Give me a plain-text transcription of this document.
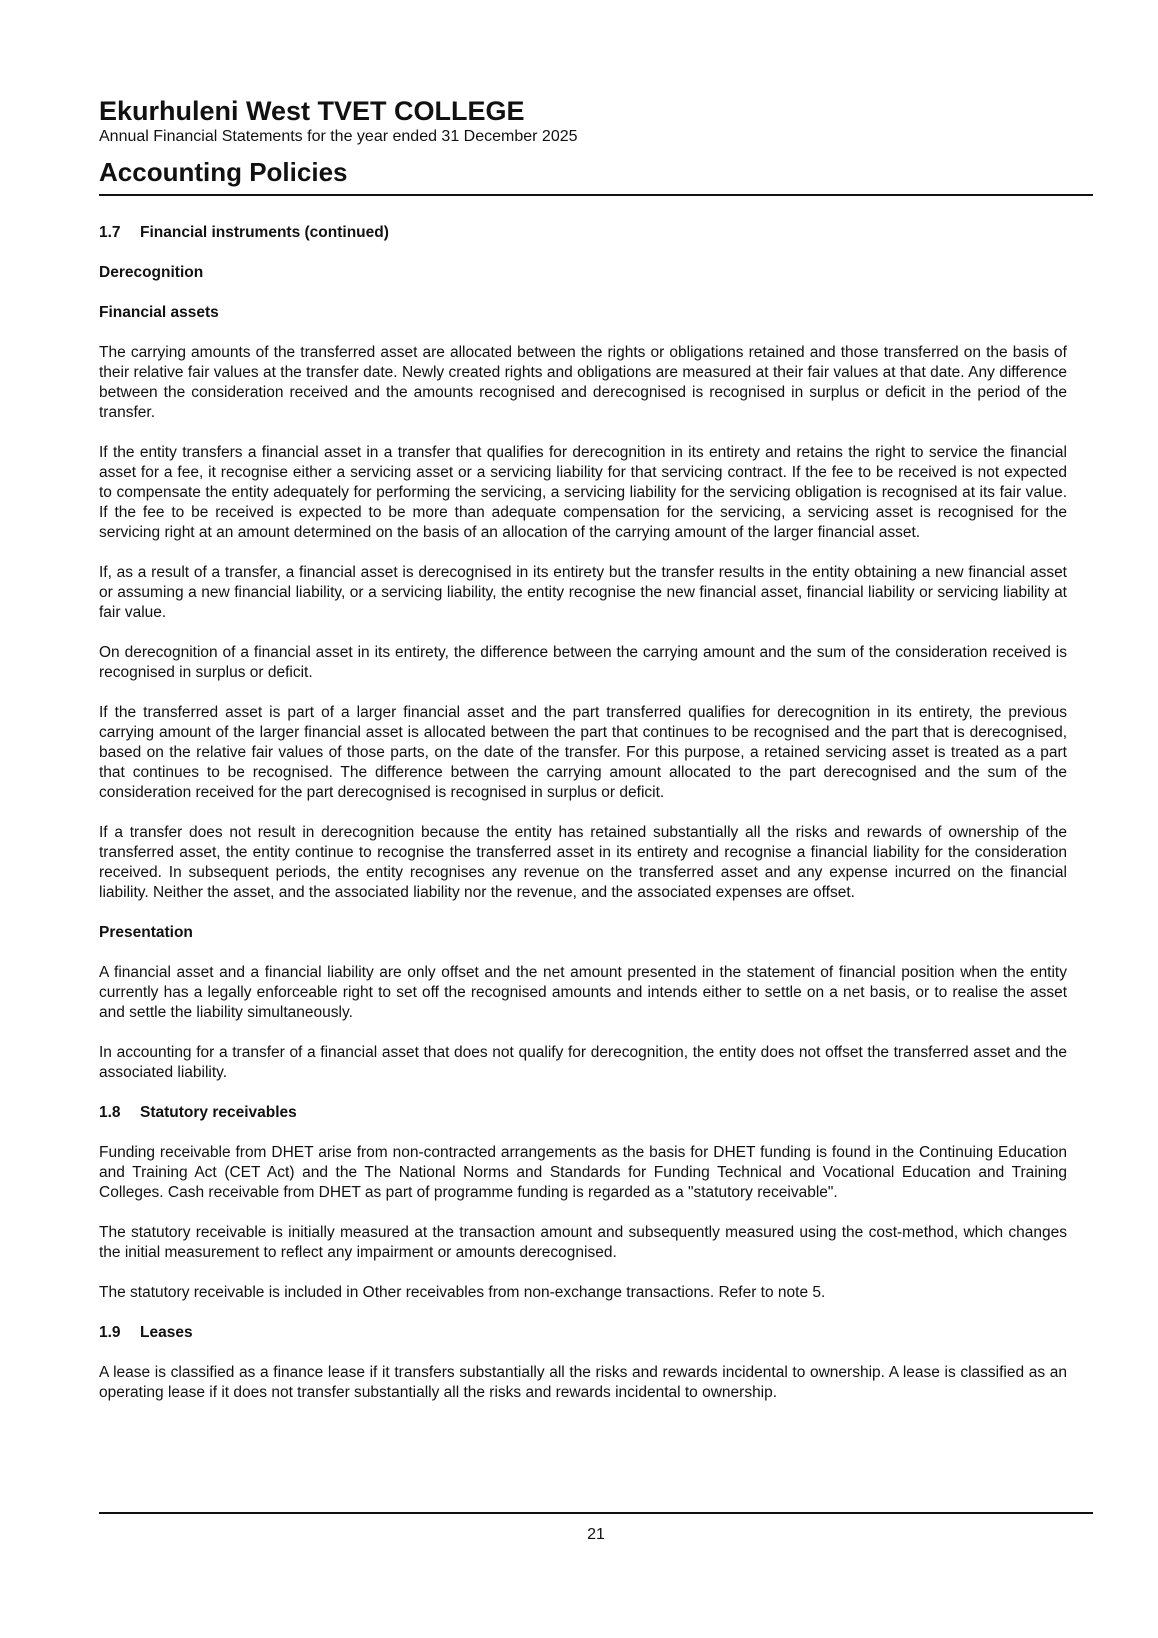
Ekurhuleni West TVET COLLEGE
Annual Financial Statements for the year ended 31 December 2025
Accounting Policies
1.7 Financial instruments (continued)
Derecognition
Financial assets

The carrying amounts of the transferred asset are allocated between the rights or obligations retained and those transferred on the basis of their relative fair values at the transfer date. Newly created rights and obligations are measured at their fair values at that date. Any difference between the consideration received and the amounts recognised and derecognised is recognised in surplus or deficit in the period of the transfer.

If the entity transfers a financial asset in a transfer that qualifies for derecognition in its entirety and retains the right to service the financial asset for a fee, it recognise either a servicing asset or a servicing liability for that servicing contract. If the fee to be received is not expected to compensate the entity adequately for performing the servicing, a servicing liability for the servicing obligation is recognised at its fair value. If the fee to be received is expected to be more than adequate compensation for the servicing, a servicing asset is recognised for the servicing right at an amount determined on the basis of an allocation of the carrying amount of the larger financial asset.

If, as a result of a transfer, a financial asset is derecognised in its entirety but the transfer results in the entity obtaining a new financial asset or assuming a new financial liability, or a servicing liability, the entity recognise the new financial asset, financial liability or servicing liability at fair value.

On derecognition of a financial asset in its entirety, the difference between the carrying amount and the sum of the consideration received is recognised in surplus or deficit.

If the transferred asset is part of a larger financial asset and the part transferred qualifies for derecognition in its entirety, the previous carrying amount of the larger financial asset is allocated between the part that continues to be recognised and the part that is derecognised, based on the relative fair values of those parts, on the date of the transfer. For this purpose, a retained servicing asset is treated as a part that continues to be recognised. The difference between the carrying amount allocated to the part derecognised and the sum of the consideration received for the part derecognised is recognised in surplus or deficit.

If a transfer does not result in derecognition because the entity has retained substantially all the risks and rewards of ownership of the transferred asset, the entity continue to recognise the transferred asset in its entirety and recognise a financial liability for the consideration received. In subsequent periods, the entity recognises any revenue on the transferred asset and any expense incurred on the financial liability. Neither the asset, and the associated liability nor the revenue, and the associated expenses are offset.

Presentation

A financial asset and a financial liability are only offset and the net amount presented in the statement of financial position when the entity currently has a legally enforceable right to set off the recognised amounts and intends either to settle on a net basis, or to realise the asset and settle the liability simultaneously.

In accounting for a transfer of a financial asset that does not qualify for derecognition, the entity does not offset the transferred asset and the associated liability.

1.8 Statutory receivables

Funding receivable from DHET arise from non-contracted arrangements as the basis for DHET funding is found in the Continuing Education and Training Act (CET Act) and the The National Norms and Standards for Funding Technical and Vocational Education and Training Colleges. Cash receivable from DHET as part of programme funding is regarded as a "statutory receivable".

The statutory receivable is initially measured at the transaction amount and subsequently measured using the cost-method, which changes the initial measurement to reflect any impairment or amounts derecognised.

The statutory receivable is included in Other receivables from non-exchange transactions. Refer to note 5.

1.9 Leases

A lease is classified as a finance lease if it transfers substantially all the risks and rewards incidental to ownership. A lease is classified as an operating lease if it does not transfer substantially all the risks and rewards incidental to ownership.

21
